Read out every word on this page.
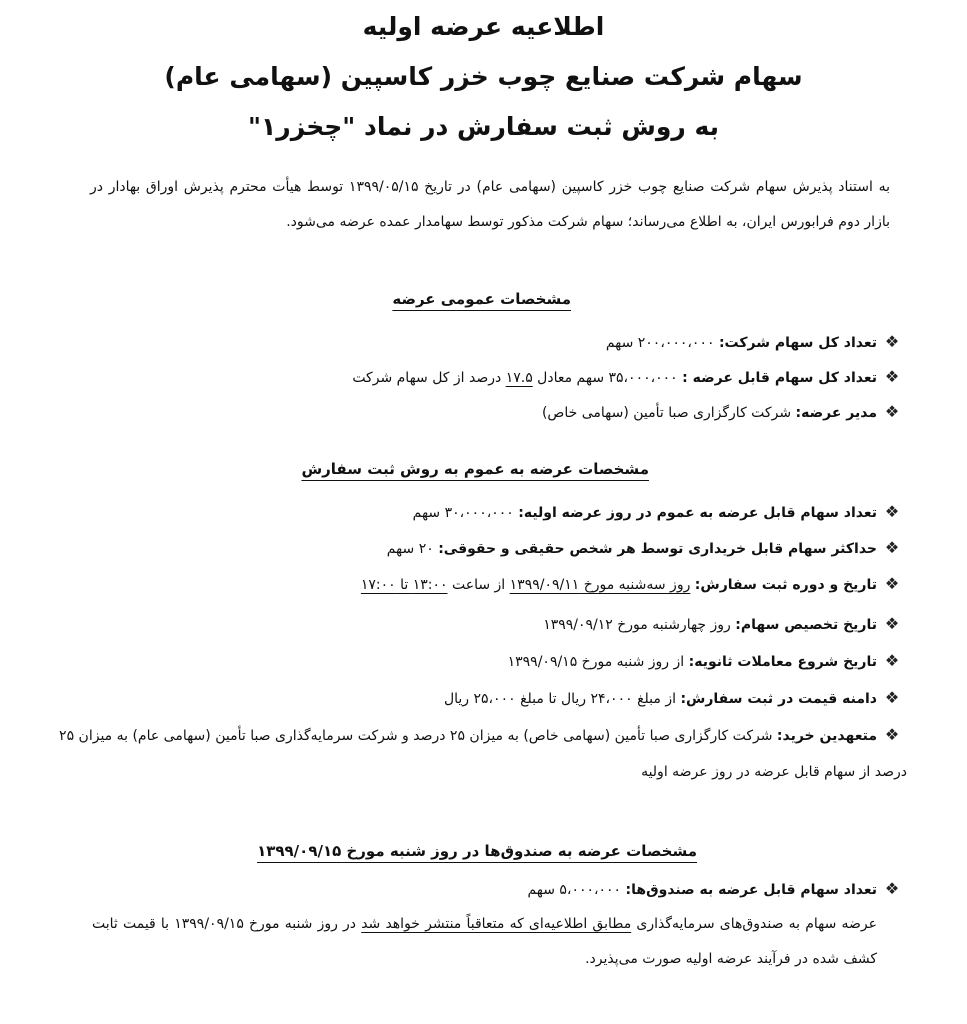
اطلاعیه عرضه اولیه
سهام شرکت صنایع چوب خزر کاسپین (سهامی عام)
به روش ثبت سفارش در نماد "چخزر۱"

به استناد پذیرش سهام شرکت صنایع چوب خزر کاسپین (سهامی عام) در تاریخ ۱۳۹۹/۰۵/۱۵ توسط هیأت محترم پذیرش اوراق بهادار در بازار دوم فرابورس ایران، به اطلاع می‌رساند؛ سهام شرکت مذکور توسط سهامدار عمده عرضه می‌شود.

مشخصات عمومی عرضه

❖تعداد کل سهام شرکت: ۲۰۰،۰۰۰،۰۰۰ سهم

❖تعداد کل سهام قابل عرضه : ۳۵،۰۰۰،۰۰۰ سهم معادل ۱۷.۵ درصد از کل سهام شرکت

❖مدیر عرضه: شرکت کارگزاری صبا تأمین (سهامی خاص)

مشخصات عرضه به عموم به روش ثبت سفارش

❖تعداد سهام قابل عرضه به عموم در روز عرضه اولیه: ۳۰،۰۰۰،۰۰۰ سهم

❖حداکثر سهام قابل خریداری توسط هر شخص حقیقی و حقوقی: ۲۰ سهم

❖تاریخ و دوره ثبت سفارش: روز سه‌شنبه مورخ ۱۳۹۹/۰۹/۱۱ از ساعت ۱۳:۰۰ تا ۱۷:۰۰

❖تاریخ تخصیص سهام: روز چهارشنبه مورخ ۱۳۹۹/۰۹/۱۲

❖تاریخ شروع معاملات ثانویه: از روز شنبه مورخ ۱۳۹۹/۰۹/۱۵

❖دامنه قیمت در ثبت سفارش: از مبلغ ۲۴،۰۰۰ ریال تا مبلغ ۲۵،۰۰۰ ریال

❖متعهدین خرید: شرکت کارگزاری صبا تأمین (سهامی خاص) به میزان ۲۵ درصد و شرکت سرمایه‌گذاری صبا تأمین (سهامی عام) به میزان ۲۵ درصد از سهام قابل عرضه در روز عرضه اولیه

مشخصات عرضه به صندوق‌ها در روز شنبه مورخ ۱۳۹۹/۰۹/۱۵

❖تعداد سهام قابل عرضه به صندوق‌ها: ۵،۰۰۰،۰۰۰ سهم

عرضه سهام به صندوق‌های سرمایه‌گذاری مطابق اطلاعیه‌ای که متعاقباً منتشر خواهد شد در روز شنبه مورخ ۱۳۹۹/۰۹/۱۵ با قیمت ثابت کشف شده در فرآیند عرضه اولیه صورت می‌پذیرد.
